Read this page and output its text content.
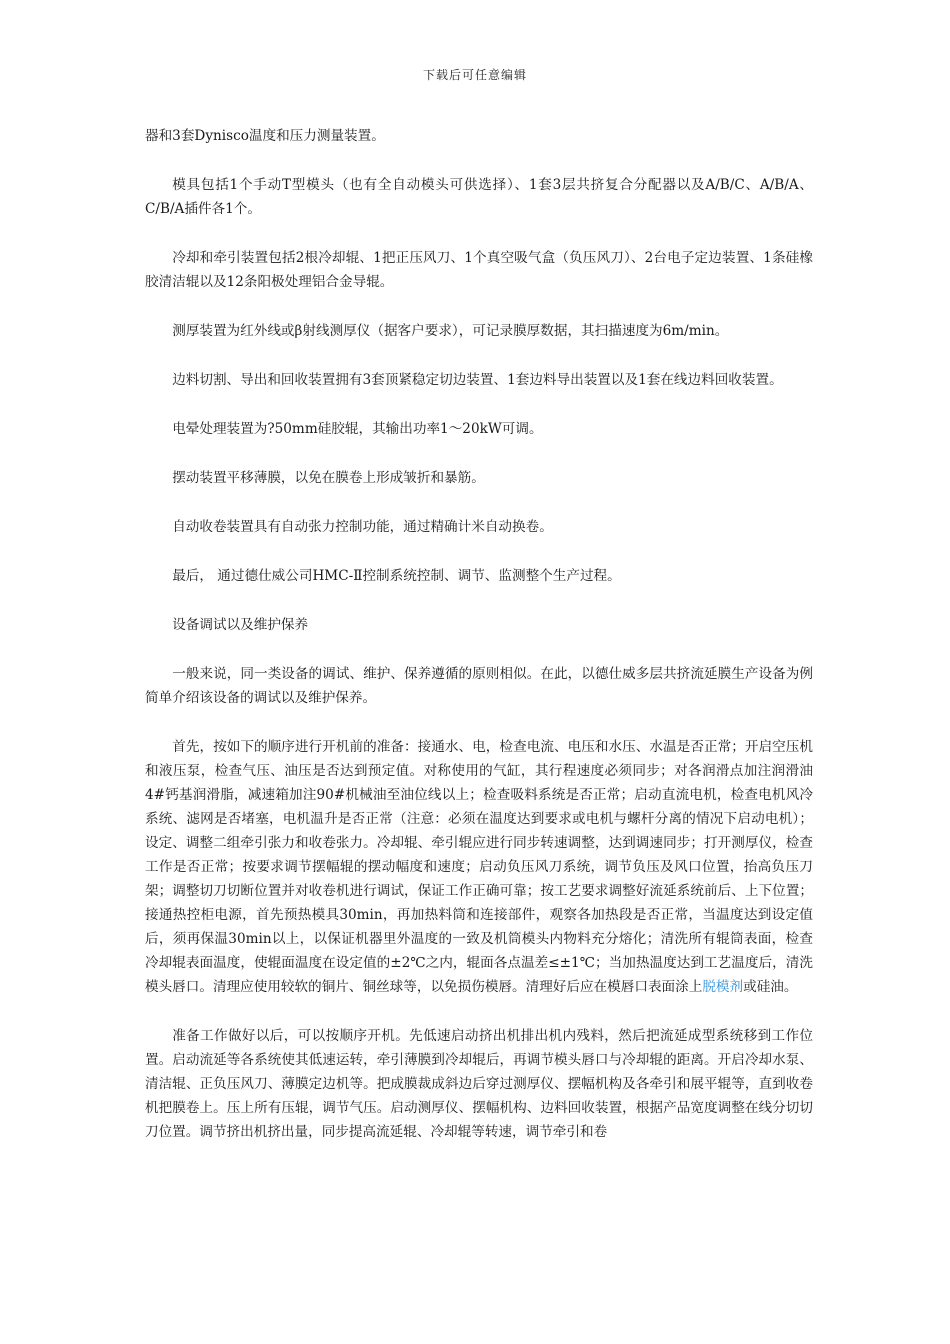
下载后可任意编辑

器和3套Dynisco温度和压力测量装置。

模具包括1个手动T型模头（也有全自动模头可供选择）、1套3层共挤复合分配器以及A/B/C、A/B/A、C/B/A插件各1个。

冷却和牵引装置包括2根冷却辊、1把正压风刀、1个真空吸气盒（负压风刀）、2台电子定边装置、1条硅橡胶清洁辊以及12条阳极处理铝合金导辊。

测厚装置为红外线或β射线测厚仪（据客户要求），可记录膜厚数据，其扫描速度为6m/min。

边料切割、导出和回收装置拥有3套顶紧稳定切边装置、1套边料导出装置以及1套在线边料回收装置。

电晕处理装置为?50mm硅胶辊，其输出功率1～20kW可调。

摆动装置平移薄膜，以免在膜卷上形成皱折和暴筋。

自动收卷装置具有自动张力控制功能，通过精确计米自动换卷。

最后， 通过德仕威公司HMC-Ⅱ控制系统控制、调节、监测整个生产过程。

设备调试以及维护保养

一般来说，同一类设备的调试、维护、保养遵循的原则相似。在此，以德仕威多层共挤流延膜生产设备为例简单介绍该设备的调试以及维护保养。

首先，按如下的顺序进行开机前的准备：接通水、电，检查电流、电压和水压、水温是否正常；开启空压机和液压泵，检查气压、油压是否达到预定值。对称使用的气缸，其行程速度必须同步；对各润滑点加注润滑油4#钙基润滑脂，减速箱加注90#机械油至油位线以上；检查吸料系统是否正常；启动直流电机，检查电机风冷系统、滤网是否堵塞，电机温升是否正常（注意：必须在温度达到要求或电机与螺杆分离的情况下启动电机）；设定、调整二组牵引张力和收卷张力。冷却辊、牵引辊应进行同步转速调整，达到调速同步；打开测厚仪，检查工作是否正常；按要求调节摆幅辊的摆动幅度和速度；启动负压风刀系统，调节负压及风口位置，抬高负压刀架；调整切刀切断位置并对收卷机进行调试，保证工作正确可靠；按工艺要求调整好流延系统前后、上下位置；接通热控柜电源，首先预热模具30min，再加热料筒和连接部件，观察各加热段是否正常，当温度达到设定值后，须再保温30min以上，以保证机器里外温度的一致及机筒模头内物料充分熔化；清洗所有辊筒表面，检查冷却辊表面温度，使辊面温度在设定值的±2℃之内，辊面各点温差≤±1℃；当加热温度达到工艺温度后，清洗模头唇口。清理应使用较软的铜片、铜丝球等，以免损伤模唇。清理好后应在模唇口表面涂上脱模剂或硅油。

准备工作做好以后，可以按顺序开机。先低速启动挤出机排出机内残料，然后把流延成型系统移到工作位置。启动流延等各系统使其低速运转，牵引薄膜到冷却辊后，再调节模头唇口与冷却辊的距离。开启冷却水泵、清洁辊、正负压风刀、薄膜定边机等。把成膜裁成斜边后穿过测厚仪、摆幅机构及各牵引和展平辊等，直到收卷机把膜卷上。压上所有压辊，调节气压。启动测厚仪、摆幅机构、边料回收装置，根据产品宽度调整在线分切切刀位置。调节挤出机挤出量，同步提高流延辊、冷却辊等转速，调节牵引和卷
